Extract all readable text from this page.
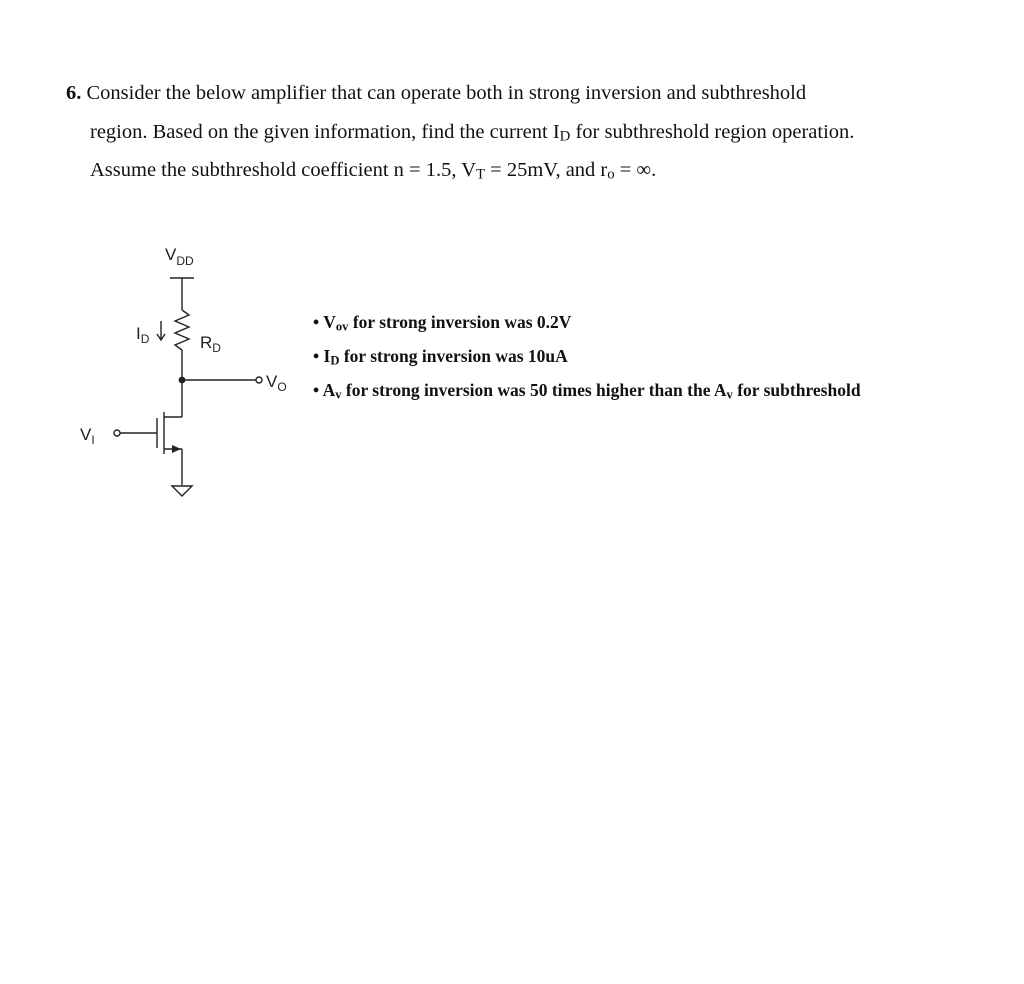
6. Consider the below amplifier that can operate both in strong inversion and subthreshold
region. Based on the given information, find the current ID for subthreshold region operation.
Assume the subthreshold coefficient n = 1.5, VT = 25mV, and ro = ∞.
$V_{DD}$
$I_D$	$R_D$
$V_O$
$V_I$
• Vov for strong inversion was 0.2V
• ID for strong inversion was 10uA
• Av for strong inversion was 50 times higher than the Av for subthreshold
